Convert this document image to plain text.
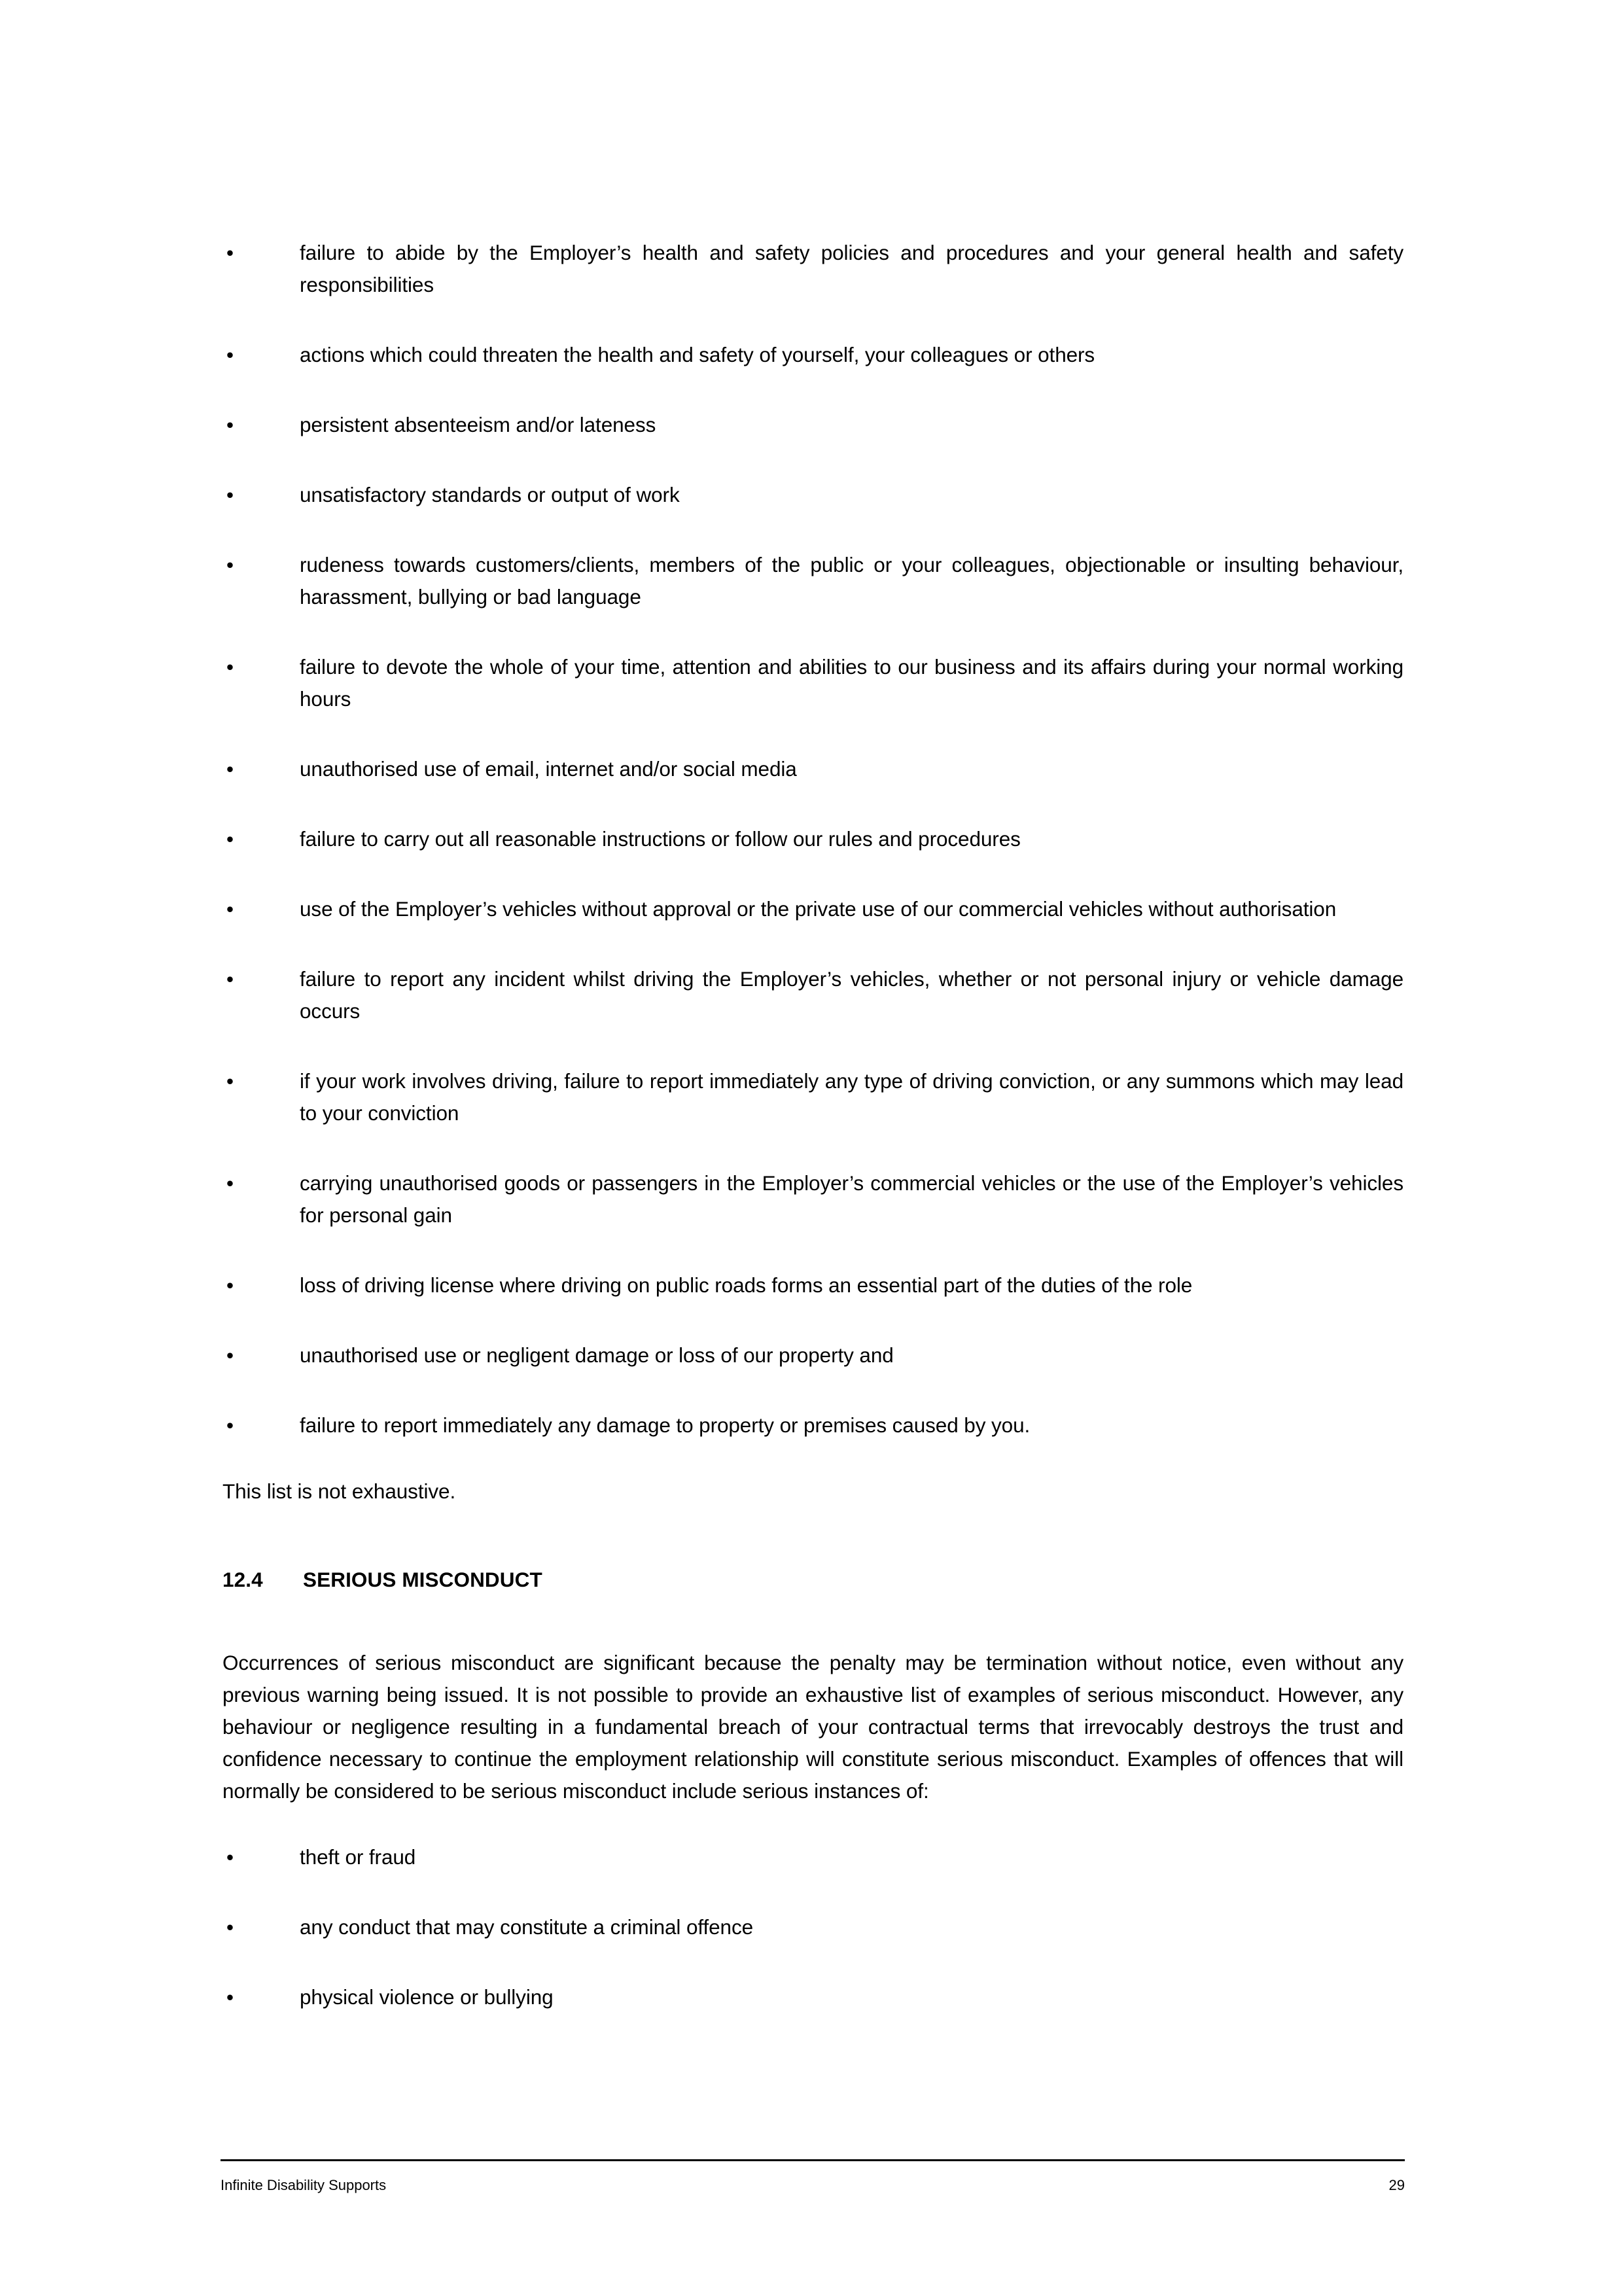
•	failure to abide by the Employer’s health and safety policies and procedures and your general health and safety responsibilities
•	actions which could threaten the health and safety of yourself, your colleagues or others
•	persistent absenteeism and/or lateness
•	unsatisfactory standards or output of work
•	rudeness towards customers/clients, members of the public or your colleagues, objectionable or insulting behaviour, harassment, bullying or bad language
•	failure to devote the whole of your time, attention and abilities to our business and its affairs during your normal working hours
•	unauthorised use of email, internet and/or social media
•	failure to carry out all reasonable instructions or follow our rules and procedures
•	use of the Employer’s vehicles without approval or the private use of our commercial vehicles without authorisation
•	failure to report any incident whilst driving the Employer’s vehicles, whether or not personal injury or vehicle damage occurs
•	if your work involves driving, failure to report immediately any type of driving conviction, or any summons which may lead to your conviction
•	carrying unauthorised goods or passengers in the Employer’s commercial vehicles or the use of the Employer’s vehicles for personal gain
•	loss of driving license where driving on public roads forms an essential part of the duties of the role
•	unauthorised use or negligent damage or loss of our property and
•	failure to report immediately any damage to property or premises caused by you.

This list is not exhaustive.

12.4	SERIOUS MISCONDUCT

Occurrences of serious misconduct are significant because the penalty may be termination without notice, even without any previous warning being issued. It is not possible to provide an exhaustive list of examples of serious misconduct. However, any behaviour or negligence resulting in a fundamental breach of your contractual terms that irrevocably destroys the trust and confidence necessary to continue the employment relationship will constitute serious misconduct. Examples of offences that will normally be considered to be serious misconduct include serious instances of:

•	theft or fraud
•	any conduct that may constitute a criminal offence
•	physical violence or bullying
Infinite Disability Supports	29
